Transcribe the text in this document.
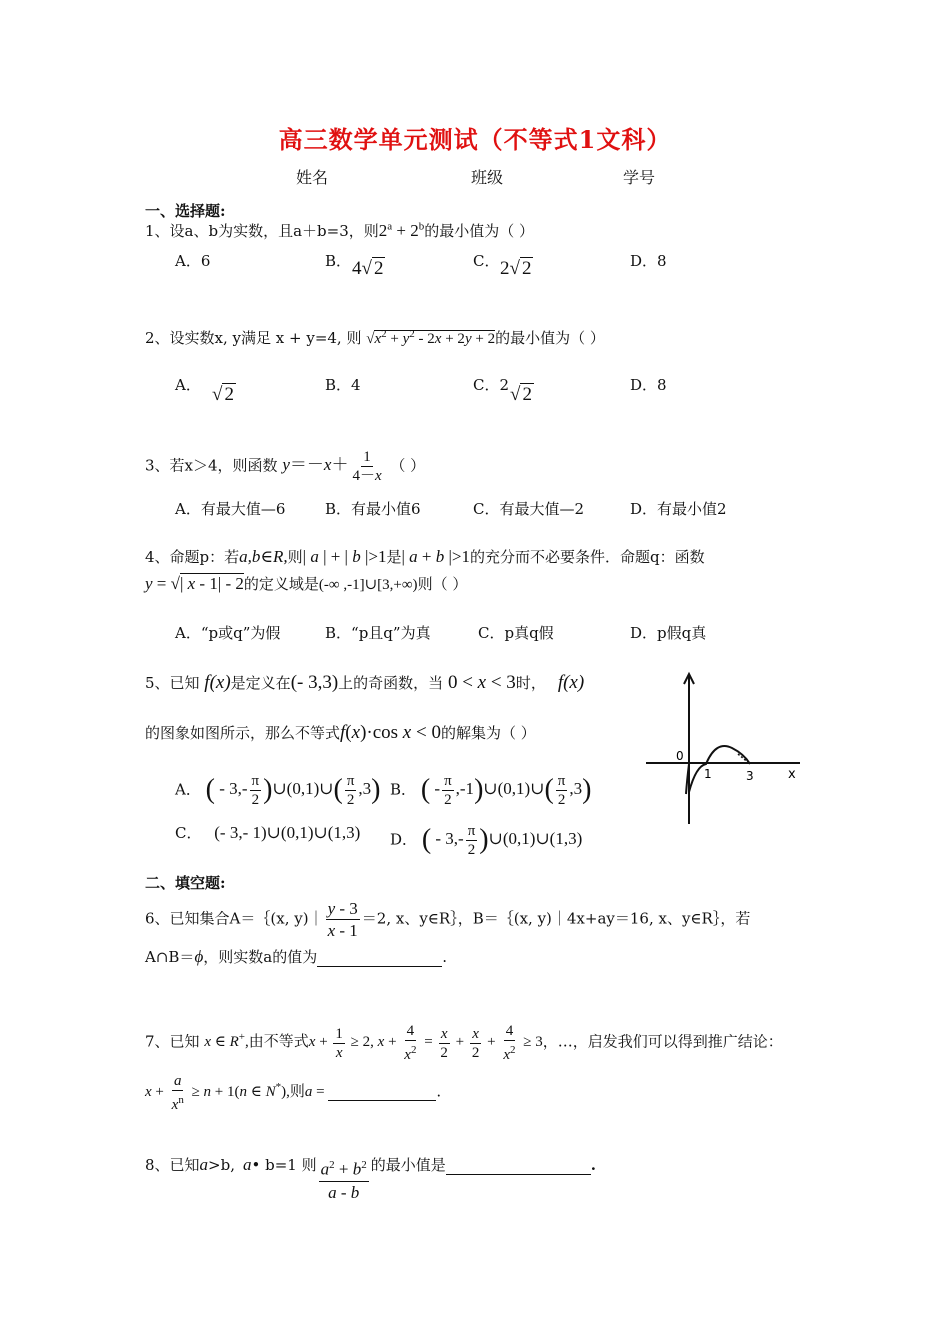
高三数学单元测试（不等式1文科）
姓名	班级	学号
一、选择题:
1、设a、b为实数，且a＋b=3，则$2^a + 2^b$的最小值为（ ）
A．6	B． 4√ 2	C． 2√ 2	D．8
2、设实数x, y满足 x + y=4, 则 $√x^2 + y^2 - 2x + 2y + 2$的最小值为（ ）
A． √ 2	B．4	C．2 √ 2	D．8
3、若x＞4，则函数 $y=-x+ \frac{1}{4-x}$ （ ）
A．有最大值—6	B．有最小值6	C．有最大值—2	D．有最小值2
4、命题p：若a,b∈R,则| a | + | b |>1是| a + b |>1的充分而不必要条件．命题q：函数
y = √| x - 1| - 2的定义域是(-∞ ,-1]∪[3,+∞)则（ ）
A．“p或q”为假	B．“p且q”为真	C．p真q假	D．p假q真
5、已知 f(x)是定义在(- 3,3)上的奇函数，当 0 < x < 3时， f(x)
的图象如图所示，那么不等式f(x)·cos x < 0的解集为（ ）
A． ( - $3,- \frac{\pi}{2}$ )∪(0,1)∪( $\frac{\pi}{2} ,3$) B． ( - $\frac{\pi}{2}$ ,-1)∪(0,1)∪( $\frac{\pi}{2} ,3$)
C． (- 3,- 1)∪(0,1)∪(1,3) D． ( - $3,- \frac{\pi}{2}$ )∪(0,1)∪(1,3)
0
1	3	x
二、填空题:
6、已知集合A＝｛(x, y)｜ $\frac{y - 3}{x - 1} =2$, x、y∈R｝，B＝｛(x, y)｜4x+ay＝16, x、y∈R｝，若
A∩B＝ϕ，则实数a的值为	.
7、已知 x ∈ R+,由不等式$x + \frac{1}{x} \ge 2$, $x + \frac{4}{x^2} = \frac{x}{2} + \frac{x}{2} + \frac{4}{x^2} \ge 3$，…，启发我们可以得到推广结论：
$x + \frac{a}{x^n} \ge n + 1(n$ ∈ N*),则a =	.
8、已知a>b, a• b=1 则 $\frac{a^2 + b^2}{a - b}$ 的最小值是	.
